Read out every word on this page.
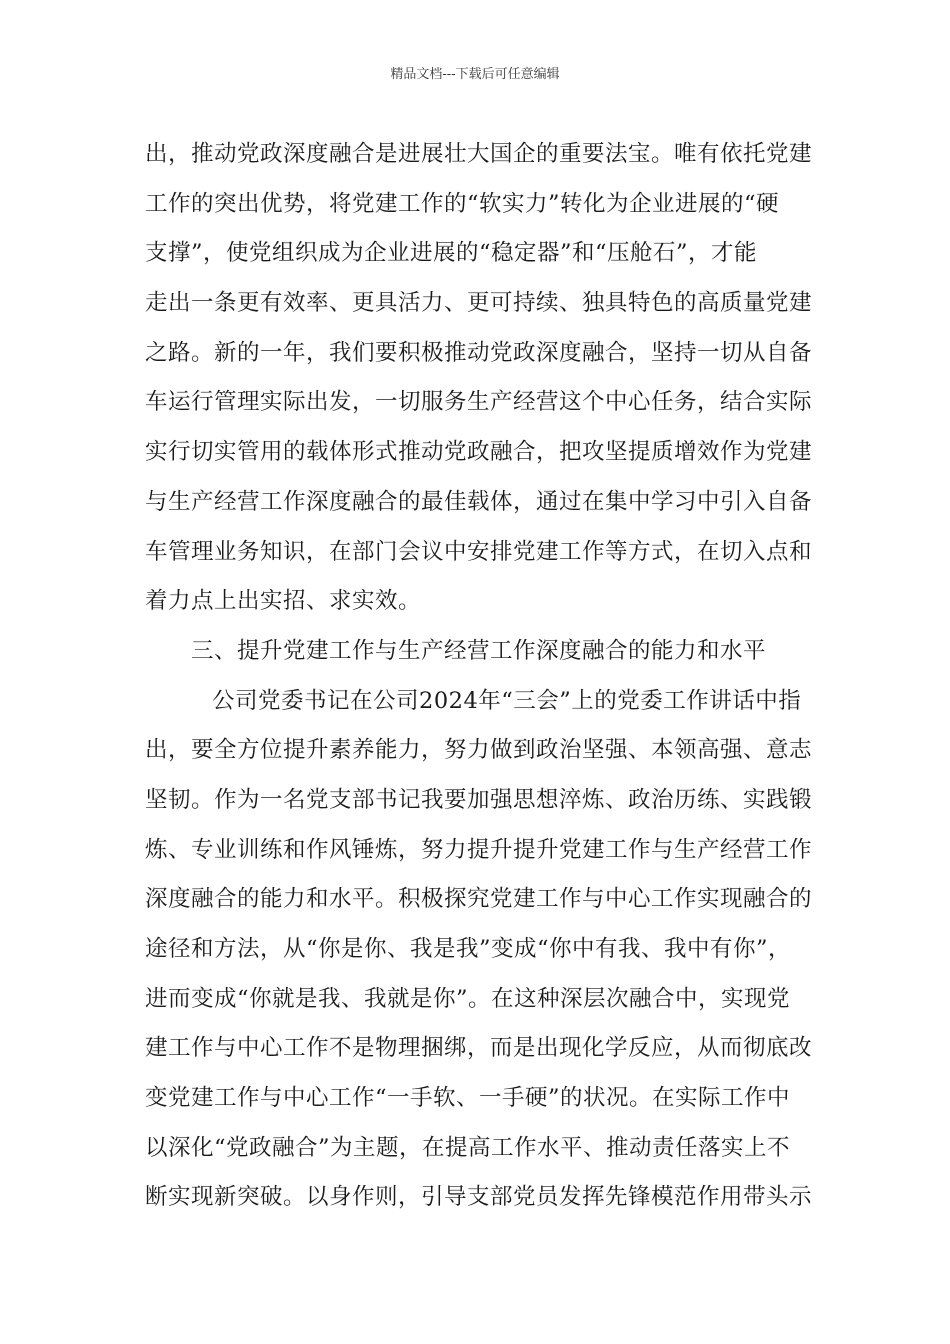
精品文档---下载后可任意编辑
出，推动党政深度融合是进展壮大国企的重要法宝。唯有依托党建
工作的突出优势，将党建工作的“软实力”转化为企业进展的“硬
支撑”，使党组织成为企业进展的“稳定器”和“压舱石”，才能
走出一条更有效率、更具活力、更可持续、独具特色的高质量党建
之路。新的一年，我们要积极推动党政深度融合，坚持一切从自备
车运行管理实际出发，一切服务生产经营这个中心任务，结合实际
实行切实管用的载体形式推动党政融合，把攻坚提质增效作为党建
与生产经营工作深度融合的最佳载体，通过在集中学习中引入自备
车管理业务知识，在部门会议中安排党建工作等方式，在切入点和
着力点上出实招、求实效。
三、提升党建工作与生产经营工作深度融合的能力和水平
公司党委书记在公司2024年“三会”上的党委工作讲话中指
出，要全方位提升素养能力，努力做到政治坚强、本领高强、意志
坚韧。作为一名党支部书记我要加强思想淬炼、政治历练、实践锻
炼、专业训练和作风锤炼，努力提升提升党建工作与生产经营工作
深度融合的能力和水平。积极探究党建工作与中心工作实现融合的
途径和方法，从“你是你、我是我”变成“你中有我、我中有你”，
进而变成“你就是我、我就是你”。在这种深层次融合中，实现党
建工作与中心工作不是物理捆绑，而是出现化学反应，从而彻底改
变党建工作与中心工作“一手软、一手硬”的状况。在实际工作中
以深化“党政融合”为主题，在提高工作水平、推动责任落实上不
断实现新突破。以身作则，引导支部党员发挥先锋模范作用带头示
